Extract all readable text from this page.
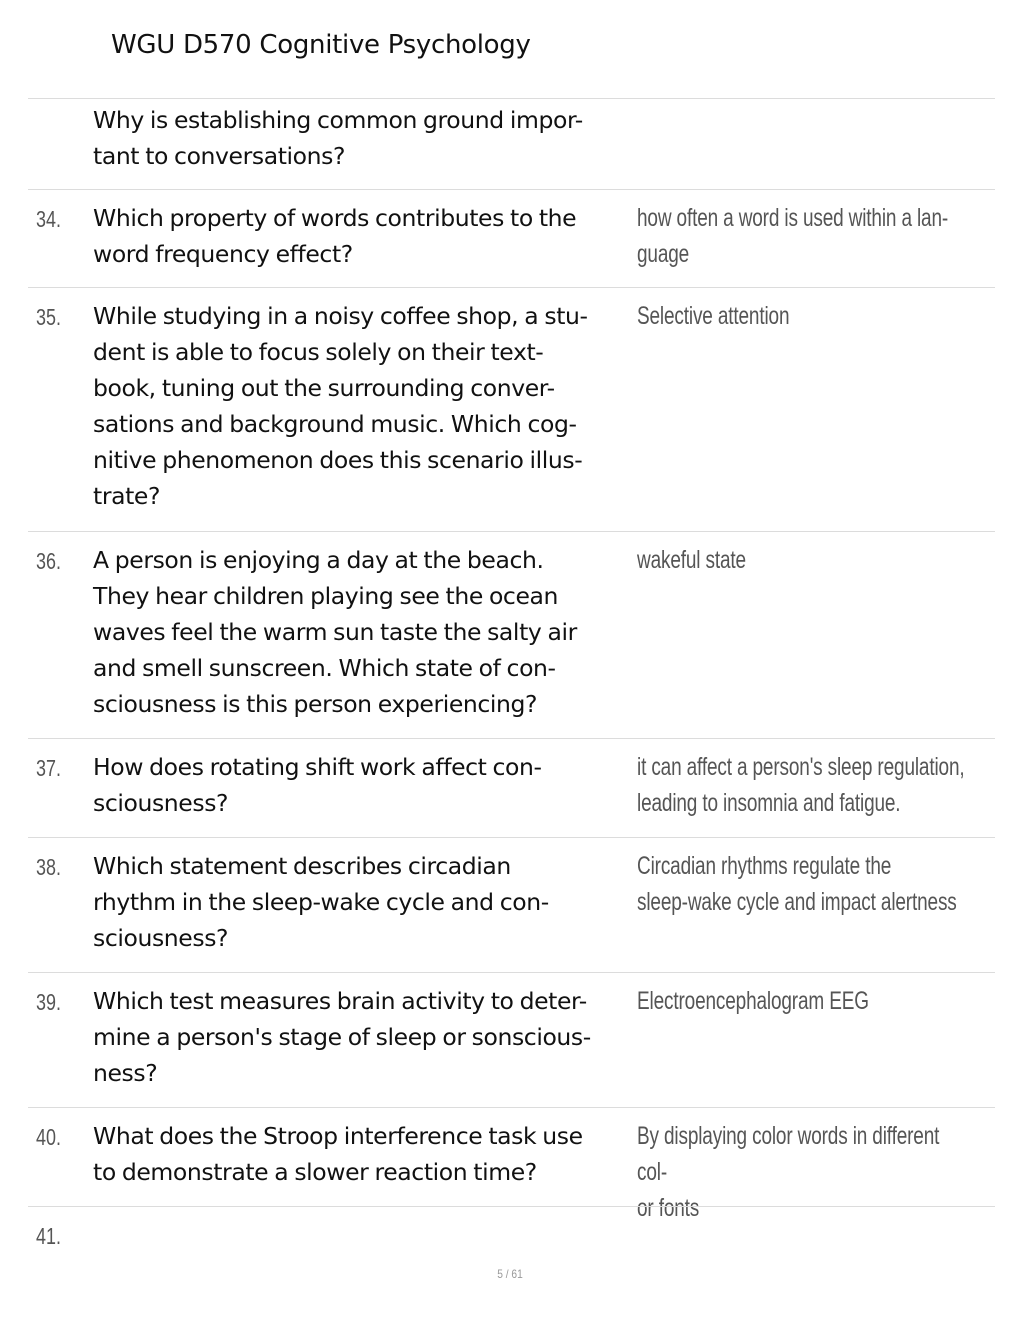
WGU D570 Cognitive Psychology
Why is establishing common ground impor-
tant to conversations?
34. Which property of words contributes to the
word frequency effect?
how often a word is used within a lan-
guage
35. While studying in a noisy coffee shop, a stu-
dent is able to focus solely on their text-
book, tuning out the surrounding conver-
sations and background music. Which cog-
nitive phenomenon does this scenario illus-
trate?
Selective attention
36. A person is enjoying a day at the beach.
They hear children playing see the ocean
waves feel the warm sun taste the salty air
and smell sunscreen. Which state of con-
sciousness is this person experiencing?
wakeful state
37. How does rotating shift work affect con-
sciousness?
it can affect a person's sleep regulation,
leading to insomnia and fatigue.
38. Which statement describes circadian
rhythm in the sleep-wake cycle and con-
sciousness?
Circadian rhythms regulate the
sleep-wake cycle and impact alertness
39. Which test measures brain activity to deter-
mine a person's stage of sleep or sonscious-
ness?
Electroencephalogram EEG
40. What does the Stroop interference task use
to demonstrate a slower reaction time?
By displaying color words in different col-
or fonts
41.
5 / 61
